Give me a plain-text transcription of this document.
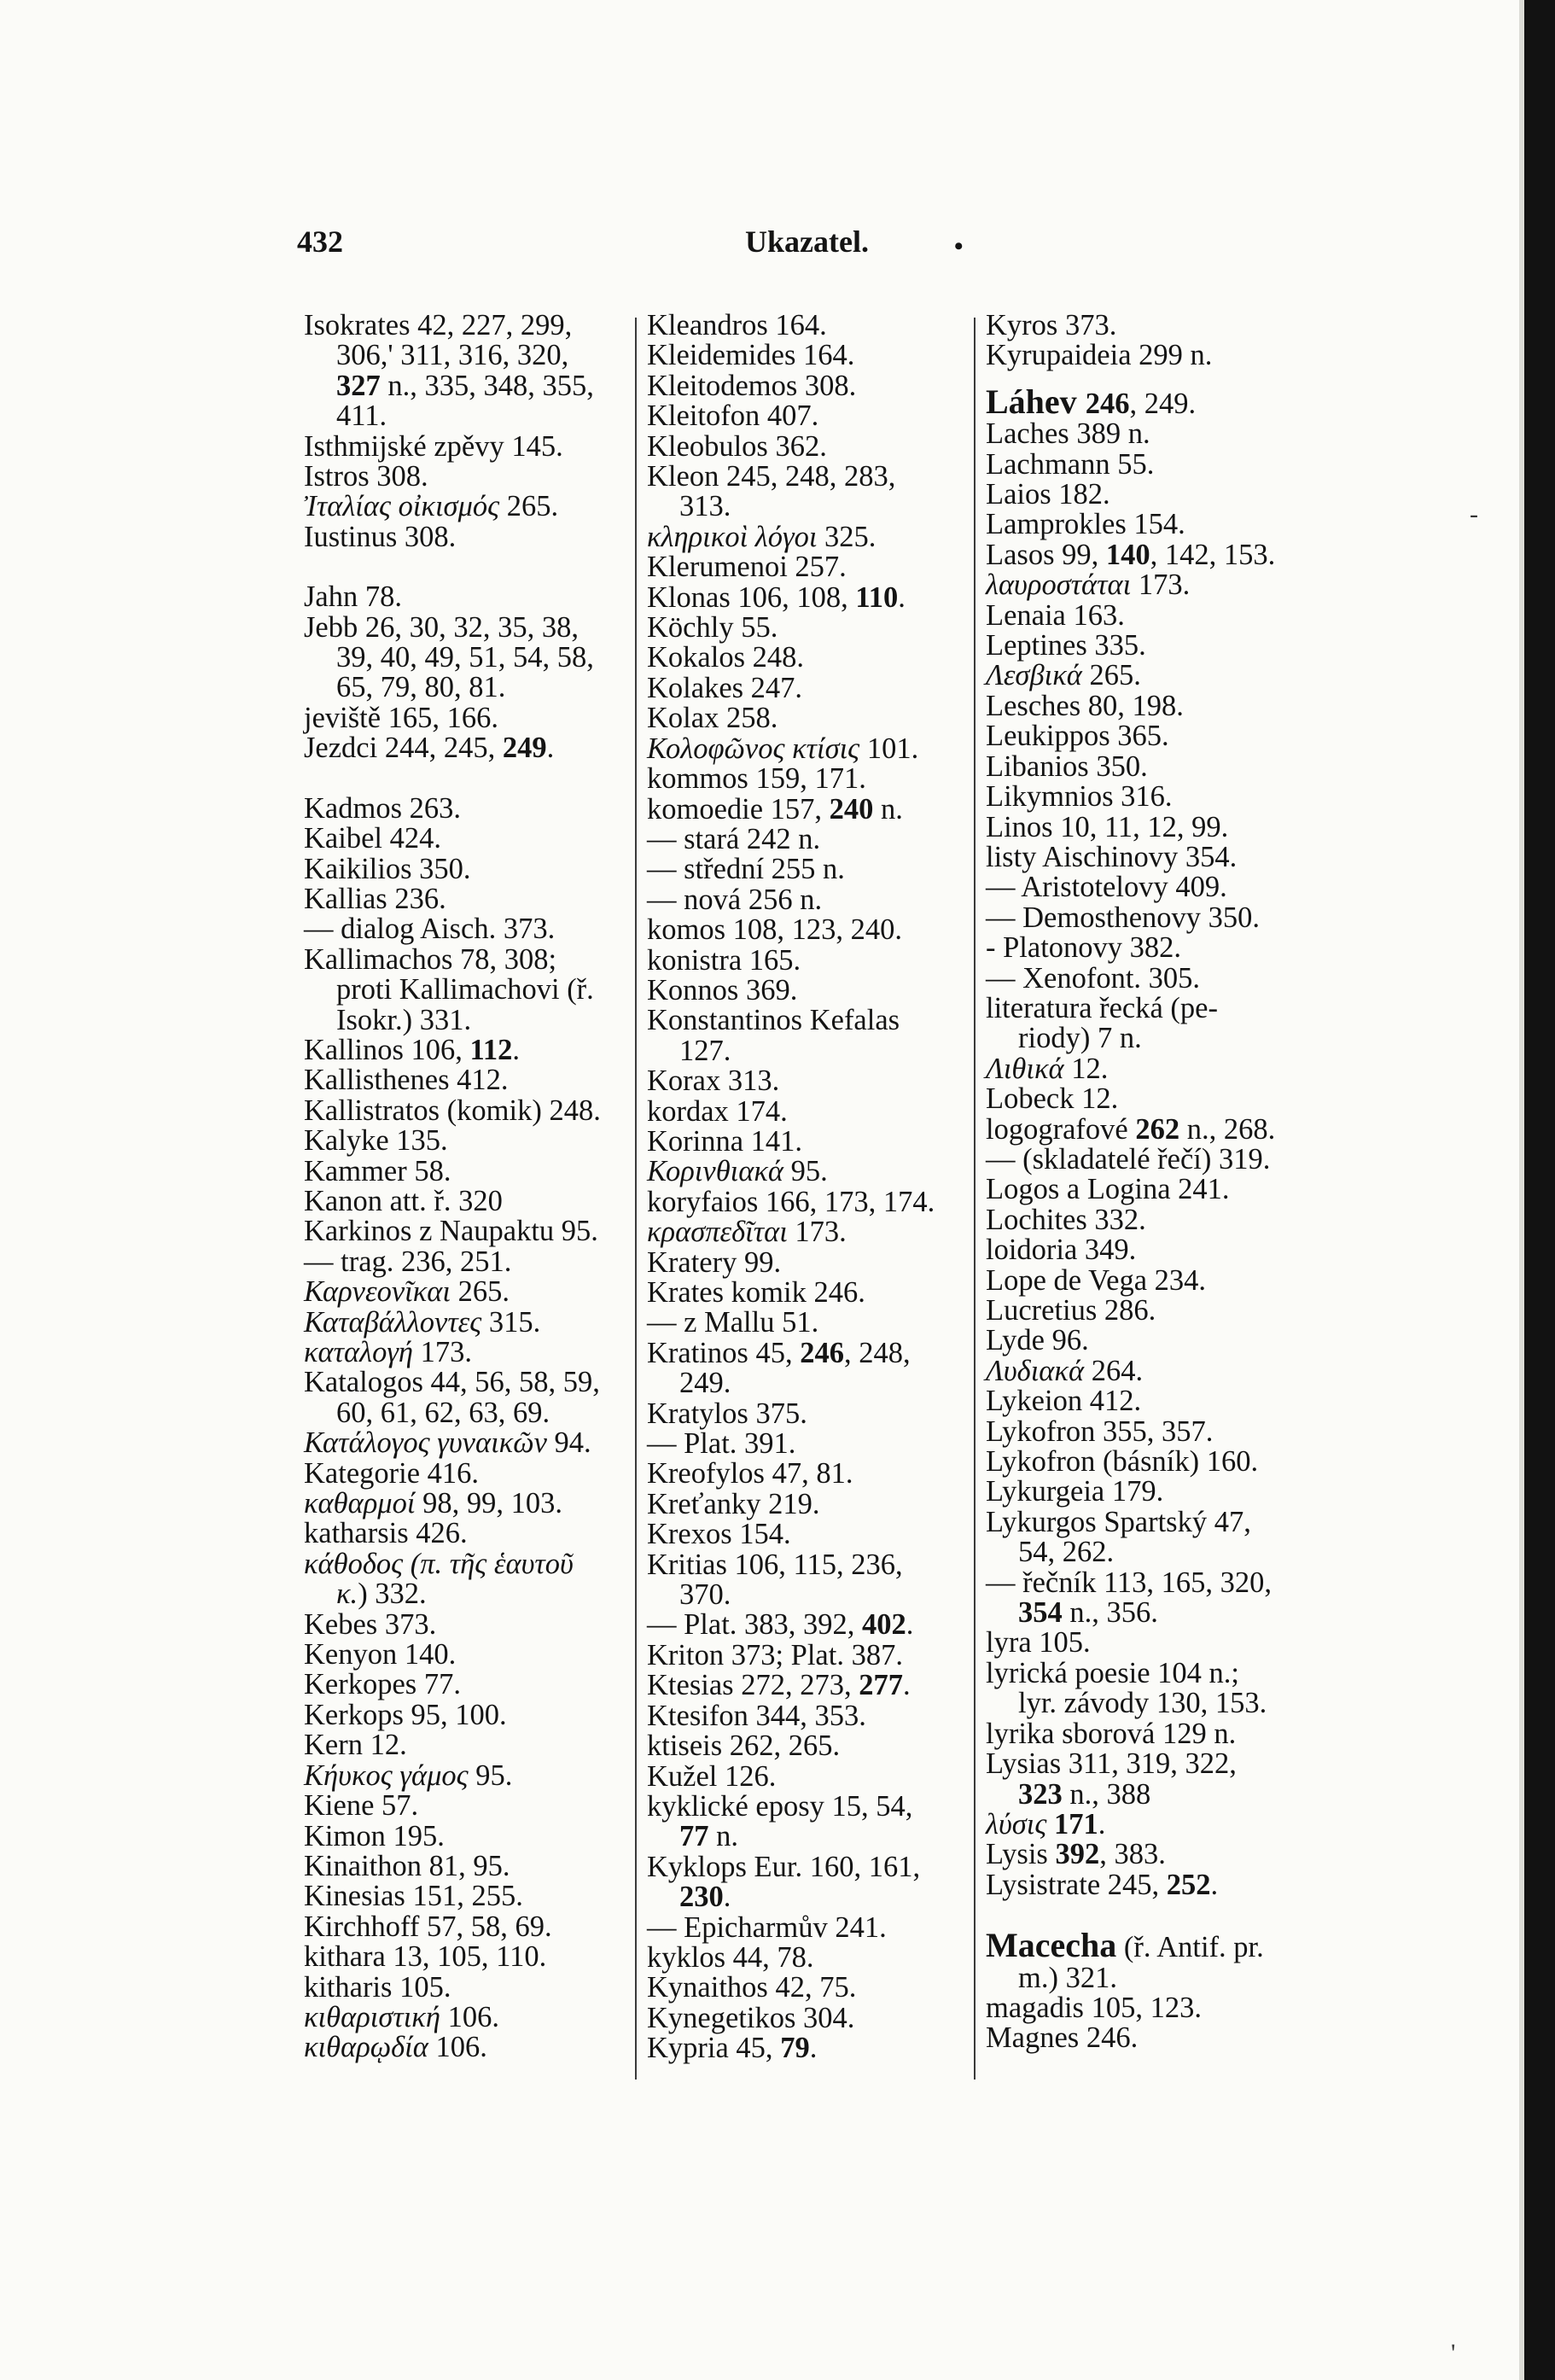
432	Ukazatel.	•
Isokrates 42, 227, 299,
306,' 311, 316, 320,
327 n., 335, 348, 355,
411.
Isthmijské zpěvy 145.
Istros 308.
Ἰταλίας οἰκισμός 265.
Iustinus 308.
Jahn 78.
Jebb 26, 30, 32, 35, 38,
39, 40, 49, 51, 54, 58,
65, 79, 80, 81.
jeviště 165, 166.
Jezdci 244, 245, 249.
Kadmos 263.
Kaibel 424.
Kaikilios 350.
Kallias 236.
— dialog Aisch. 373.
Kallimachos 78, 308;
proti Kallimachovi (ř.
Isokr.) 331.
Kallinos 106, 112.
Kallisthenes 412.
Kallistratos (komik) 248.
Kalyke 135.
Kammer 58.
Kanon att. ř. 320
Karkinos z Naupaktu 95.
— trag. 236, 251.
Καρνεονῖκαι 265.
Καταβάλλοντες 315.
καταλογή 173.
Katalogos 44, 56, 58, 59,
60, 61, 62, 63, 69.
Κατάλογος γυναικῶν 94.
Kategorie 416.
καθαρμοί 98, 99, 103.
katharsis 426.
κάθοδος (π. τῆς ἑαυτοῦ
κ.) 332.
Kebes 373.
Kenyon 140.
Kerkopes 77.
Kerkops 95, 100.
Kern 12.
Κήυκος γάμος 95.
Kiene 57.
Kimon 195.
Kinaithon 81, 95.
Kinesias 151, 255.
Kirchhoff 57, 58, 69.
kithara 13, 105, 110.
kitharis 105.
κιθαριστική 106.
κιθαρῳδία 106.
Kleandros 164.
Kleidemides 164.
Kleitodemos 308.
Kleitofon 407.
Kleobulos 362.
Kleon 245, 248, 283,
313.
κληρικοὶ λόγοι 325.
Klerumenoi 257.
Klonas 106, 108, 110.
Köchly 55.
Kokalos 248.
Kolakes 247.
Kolax 258.
Κολοφῶνος κτίσις 101.
kommos 159, 171.
komoedie 157, 240 n.
— stará 242 n.
— střední 255 n.
— nová 256 n.
komos 108, 123, 240.
konistra 165.
Konnos 369.
Konstantinos Kefalas
127.
Korax 313.
kordax 174.
Korinna 141.
Κορινθιακά 95.
koryfaios 166, 173, 174.
κρασπεδῖται 173.
Kratery 99.
Krates komik 246.
— z Mallu 51.
Kratinos 45, 246, 248,
249.
Kratylos 375.
— Plat. 391.
Kreofylos 47, 81.
Kreťanky 219.
Krexos 154.
Kritias 106, 115, 236,
370.
— Plat. 383, 392, 402.
Kriton 373; Plat. 387.
Ktesias 272, 273, 277.
Ktesifon 344, 353.
ktiseis 262, 265.
Kužel 126.
kyklické eposy 15, 54,
77 n.
Kyklops Eur. 160, 161,
230.
— Epicharmův 241.
kyklos 44, 78.
Kynaithos 42, 75.
Kynegetikos 304.
Kypria 45, 79.
Kyros 373.
Kyrupaideia 299 n.
Láhev 246, 249.
Laches 389 n.
Lachmann 55.
Laios 182.
Lamprokles 154.
Lasos 99, 140, 142, 153.
λαυροστάται 173.
Lenaia 163.
Leptines 335.
Λεσβικά 265.
Lesches 80, 198.
Leukippos 365.
Libanios 350.
Likymnios 316.
Linos 10, 11, 12, 99.
listy Aischinovy 354.
— Aristotelovy 409.
— Demosthenovy 350.
- Platonovy 382.
— Xenofont. 305.
literatura řecká (pe-
riody) 7 n.
Λιθικά 12.
Lobeck 12.
logografové 262 n., 268.
— (skladatelé řečí) 319.
Logos a Logina 241.
Lochites 332.
loidoria 349.
Lope de Vega 234.
Lucretius 286.
Lyde 96.
Λυδιακά 264.
Lykeion 412.
Lykofron 355, 357.
Lykofron (básník) 160.
Lykurgeia 179.
Lykurgos Spartský 47,
54, 262.
— řečník 113, 165, 320,
354 n., 356.
lyra 105.
lyrická poesie 104 n.;
lyr. závody 130, 153.
lyrika sborová 129 n.
Lysias 311, 319, 322,
323 n., 388
λύσις 171.
Lysis 392, 383.
Lysistrate 245, 252.
Macecha (ř. Antif. pr.
m.) 321.
magadis 105, 123.
Magnes 246.
-
'
